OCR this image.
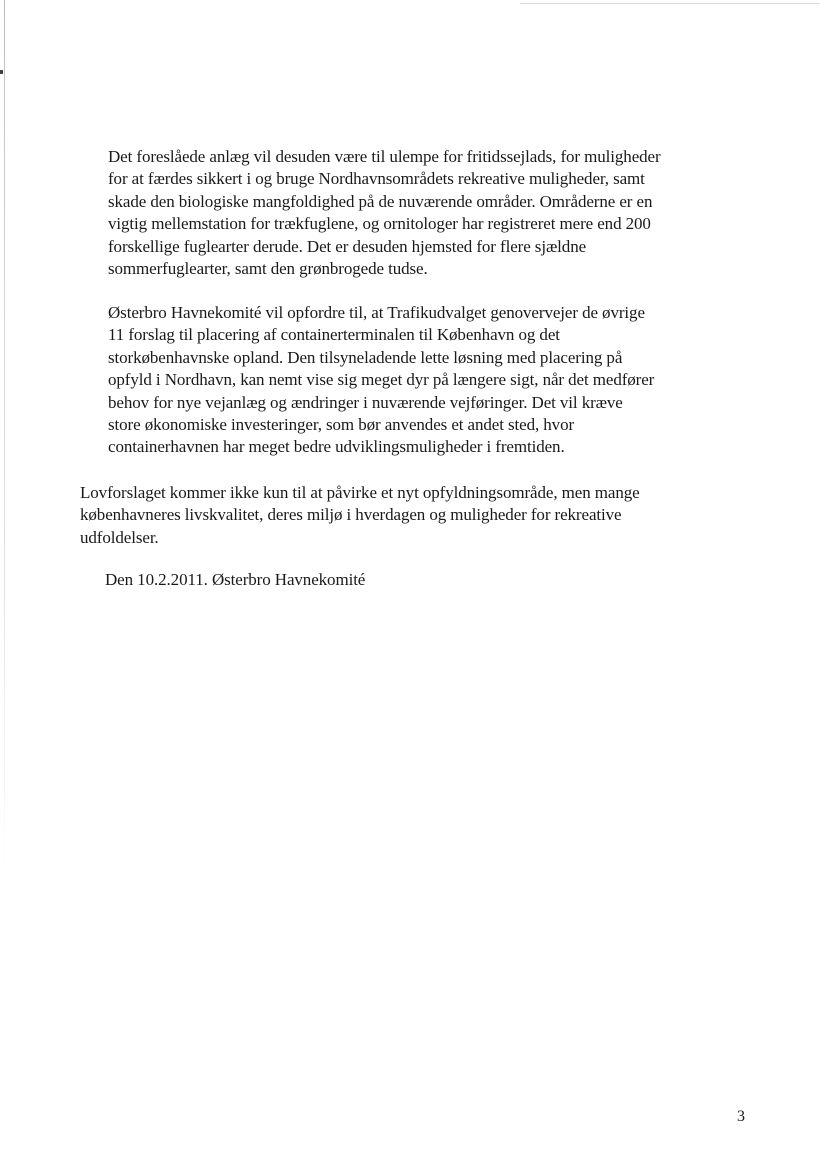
Det foreslåede anlæg vil desuden være til ulempe for fritidssejlads, for muligheder
for at færdes sikkert i og bruge Nordhavnsområdets rekreative muligheder, samt
skade den biologiske mangfoldighed på de nuværende områder. Områderne er en
vigtig mellemstation for trækfuglene, og ornitologer har registreret mere end 200
forskellige fuglearter derude. Det er desuden hjemsted for flere sjældne
sommerfuglearter, samt den grønbrogede tudse.

Østerbro Havnekomité vil opfordre til, at Trafikudvalget genovervejer de øvrige
11 forslag til placering af containerterminalen til København og det
storkøbenhavnske opland. Den tilsyneladende lette løsning med placering på
opfyld i Nordhavn, kan nemt vise sig meget dyr på længere sigt, når det medfører
behov for nye vejanlæg og ændringer i nuværende vejføringer. Det vil kræve
store økonomiske investeringer, som bør anvendes et andet sted, hvor
containerhavnen har meget bedre udviklingsmuligheder i fremtiden.

Lovforslaget kommer ikke kun til at påvirke et nyt opfyldningsområde, men mange
københavneres livskvalitet, deres miljø i hverdagen og muligheder for rekreative
udfoldelser.

Den 10.2.2011. Østerbro Havnekomité

3
